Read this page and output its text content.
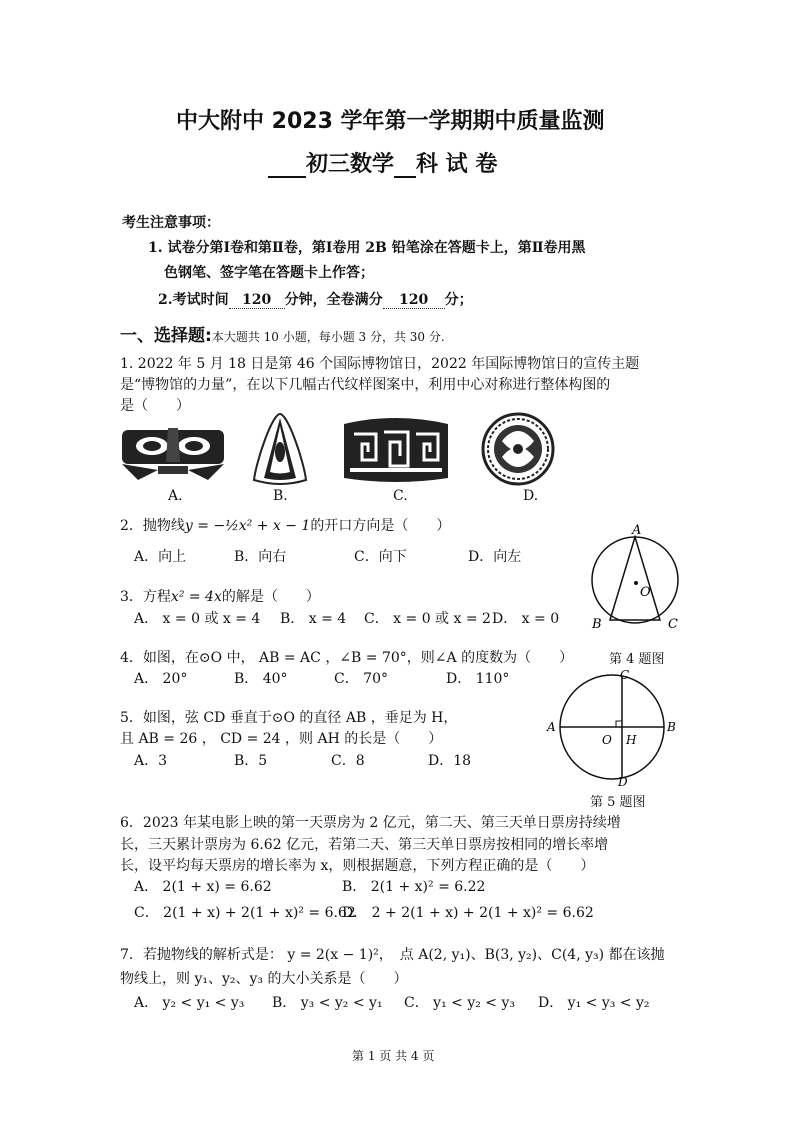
中大附中 2023 学年第一学期期中质量监测
初三数学 科 试 卷
考生注意事项：
1. 试卷分第Ⅰ卷和第Ⅱ卷，第Ⅰ卷用 2B 铅笔涂在答题卡上，第Ⅱ卷用黑
色钢笔、签字笔在答题卡上作答；
2.考试时间 120 分钟，全卷满分 120 分；
一、选择题:本大题共 10 小题，每小题 3 分，共 30 分.
1. 2022 年 5 月 18 日是第 46 个国际博物馆日，2022 年国际博物馆日的宣传主题
是“博物馆的力量”，在以下几幅古代纹样图案中，利用中心对称进行整体构图的
是（　　）
A.	B.	C.	D.
2．抛物线y = −½x² + x − 1的开口方向是（　　）
A．向上	B．向右	C．向下	D．向左
3．方程x² = 4x的解是（　　）
A． x = 0 或 x = 4 B． x = 4 C． x = 0 或 x = 2 D． x = 0
A
O
B	C
4．如图，在⊙O 中， AB = AC ，∠B = 70°，则∠A 的度数为（　　）	第 4 题图
A． 20°	B． 40°	C． 70°	D． 110°	C
A	B
O H
D
第 5 题图
5．如图，弦 CD 垂直于⊙O 的直径 AB ，垂足为 H，
且 AB = 26 ， CD = 24 ，则 AH 的长是（　　）
A．3	B．5	C．8	D．18
6．2023 年某电影上映的第一天票房为 2 亿元，第二天、第三天单日票房持续增
长，三天累计票房为 6.62 亿元，若第二天、第三天单日票房按相同的增长率增
长，设平均每天票房的增长率为 x，则根据题意，下列方程正确的是（　　）
A． 2(1 + x) = 6.62	B． 2(1 + x)² = 6.22
C． 2(1 + x) + 2(1 + x)² = 6.62
D． 2 + 2(1 + x) + 2(1 + x)² = 6.62
7．若抛物线的解析式是： y = 2(x − 1)²，　点 A(2, y₁)、B(3, y₂)、C(4, y₃) 都在该抛
物线上，则 y₁、y₂、y₃ 的大小关系是（　　）
A． y₂ < y₁ < y₃ B． y₃ < y₂ < y₁ C． y₁ < y₂ < y₃ D． y₁ < y₃ < y₂
第 1 页 共 4 页
